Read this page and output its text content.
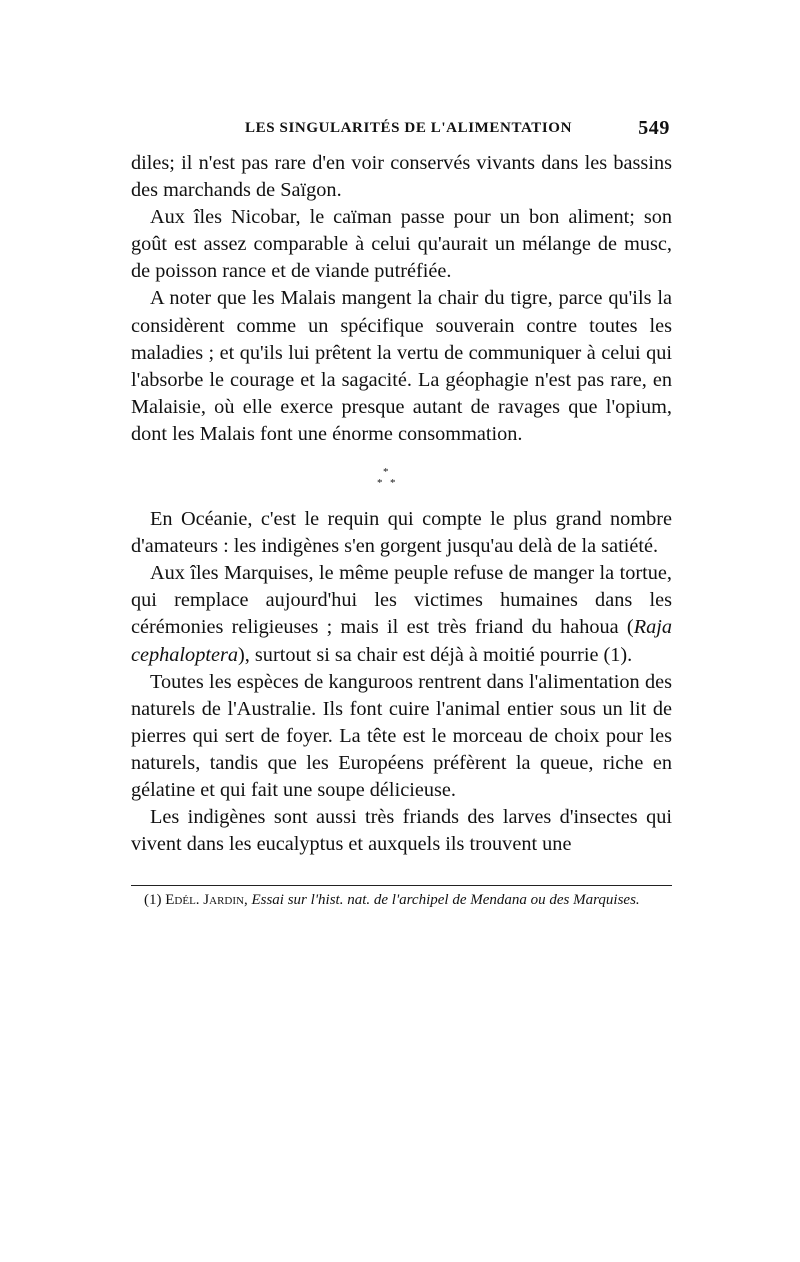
LES SINGULARITÉS DE L'ALIMENTATION	549

diles; il n'est pas rare d'en voir conservés vivants dans les bassins des marchands de Saïgon.

Aux îles Nicobar, le caïman passe pour un bon aliment; son goût est assez comparable à celui qu'aurait un mélange de musc, de poisson rance et de viande putréfiée.

A noter que les Malais mangent la chair du tigre, parce qu'ils la considèrent comme un spécifique souverain contre toutes les maladies ; et qu'ils lui prêtent la vertu de communiquer à celui qui l'absorbe le courage et la sagacité. La géophagie n'est pas rare, en Malaisie, où elle exerce presque autant de ravages que l'opium, dont les Malais font une énorme consommation.

*
* *

En Océanie, c'est le requin qui compte le plus grand nombre d'amateurs : les indigènes s'en gorgent jusqu'au delà de la satiété.

Aux îles Marquises, le même peuple refuse de manger la tortue, qui remplace aujourd'hui les victimes humaines dans les cérémonies religieuses ; mais il est très friand du hahoua (Raja cephaloptera), surtout si sa chair est déjà à moitié pourrie (1).

Toutes les espèces de kanguroos rentrent dans l'alimentation des naturels de l'Australie. Ils font cuire l'animal entier sous un lit de pierres qui sert de foyer. La tête est le morceau de choix pour les naturels, tandis que les Européens préfèrent la queue, riche en gélatine et qui fait une soupe délicieuse.

Les indigènes sont aussi très friands des larves d'insectes qui vivent dans les eucalyptus et auxquels ils trouvent une

(1) Edél. Jardin, Essai sur l'hist. nat. de l'archipel de Mendana ou des Marquises.
